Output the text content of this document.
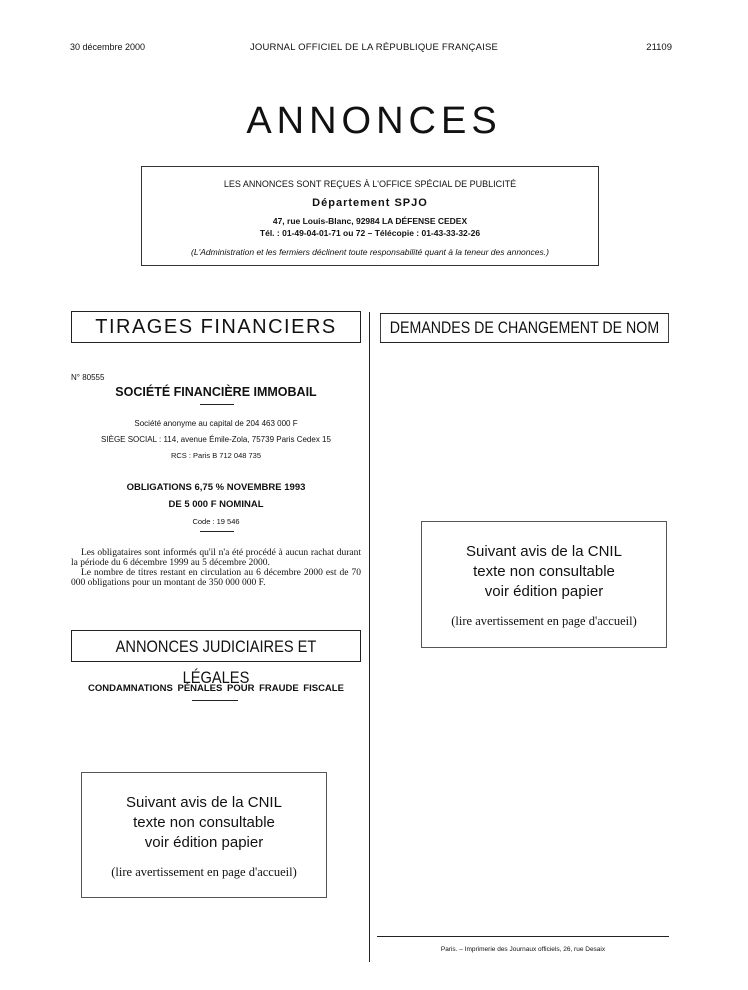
30 décembre 2000	JOURNAL OFFICIEL DE LA RÉPUBLIQUE FRANÇAISE	21109
ANNONCES
LES ANNONCES SONT REÇUES À L'OFFICE SPÉCIAL DE PUBLICITÉ
Département SPJO
47, rue Louis-Blanc, 92984 LA DÉFENSE CEDEX
Tél. : 01-49-04-01-71 ou 72 – Télécopie : 01-43-33-32-26
(L'Administration et les fermiers déclinent toute responsabilité quant à la teneur des annonces.)
TIRAGES FINANCIERS	DEMANDES DE CHANGEMENT DE NOM
N° 80555
SOCIÉTÉ FINANCIÈRE IMMOBAIL
Société anonyme au capital de 204 463 000 F
SIÈGE SOCIAL : 114, avenue Émile-Zola, 75739 Paris Cedex 15
RCS : Paris B 712 048 735
OBLIGATIONS 6,75 % NOVEMBRE 1993
DE 5 000 F NOMINAL
Code : 19 546

Les obligataires sont informés qu'il n'a été procédé à aucun rachat durant la période du 6 décembre 1999 au 5 décembre 2000.

Le nombre de titres restant en circulation au 6 décembre 2000 est de 70 000 obligations pour un montant de 350 000 000 F.

ANNONCES JUDICIAIRES ET LÉGALES
CONDAMNATIONS PÉNALES POUR FRAUDE FISCALE
Suivant avis de la CNIL
texte non consultable
voir édition papier
(lire avertissement en page d'accueil)
Suivant avis de la CNIL
texte non consultable
voir édition papier
(lire avertissement en page d'accueil)
Paris. – Imprimerie des Journaux officiels, 26, rue Desaix
